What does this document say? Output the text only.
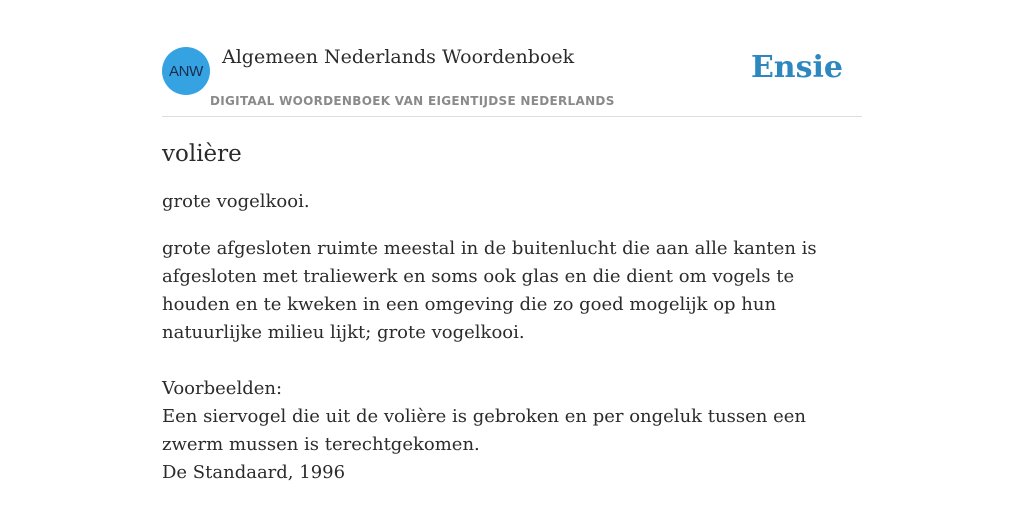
ANW
Algemeen Nederlands Woordenboek
DIGITAAL WOORDENBOEK VAN EIGENTIJDSE NEDERLANDS
Ensie
volière

grote vogelkooi.

grote afgesloten ruimte meestal in de buitenlucht die aan alle kanten is afgesloten met traliewerk en soms ook glas en die dient om vogels te houden en te kweken in een omgeving die zo goed mogelijk op hun natuurlijke milieu lijkt; grote vogelkooi.

Voorbeelden:
Een siervogel die uit de volière is gebroken en per ongeluk tussen een zwerm mussen is terechtgekomen.
De Standaard, 1996
